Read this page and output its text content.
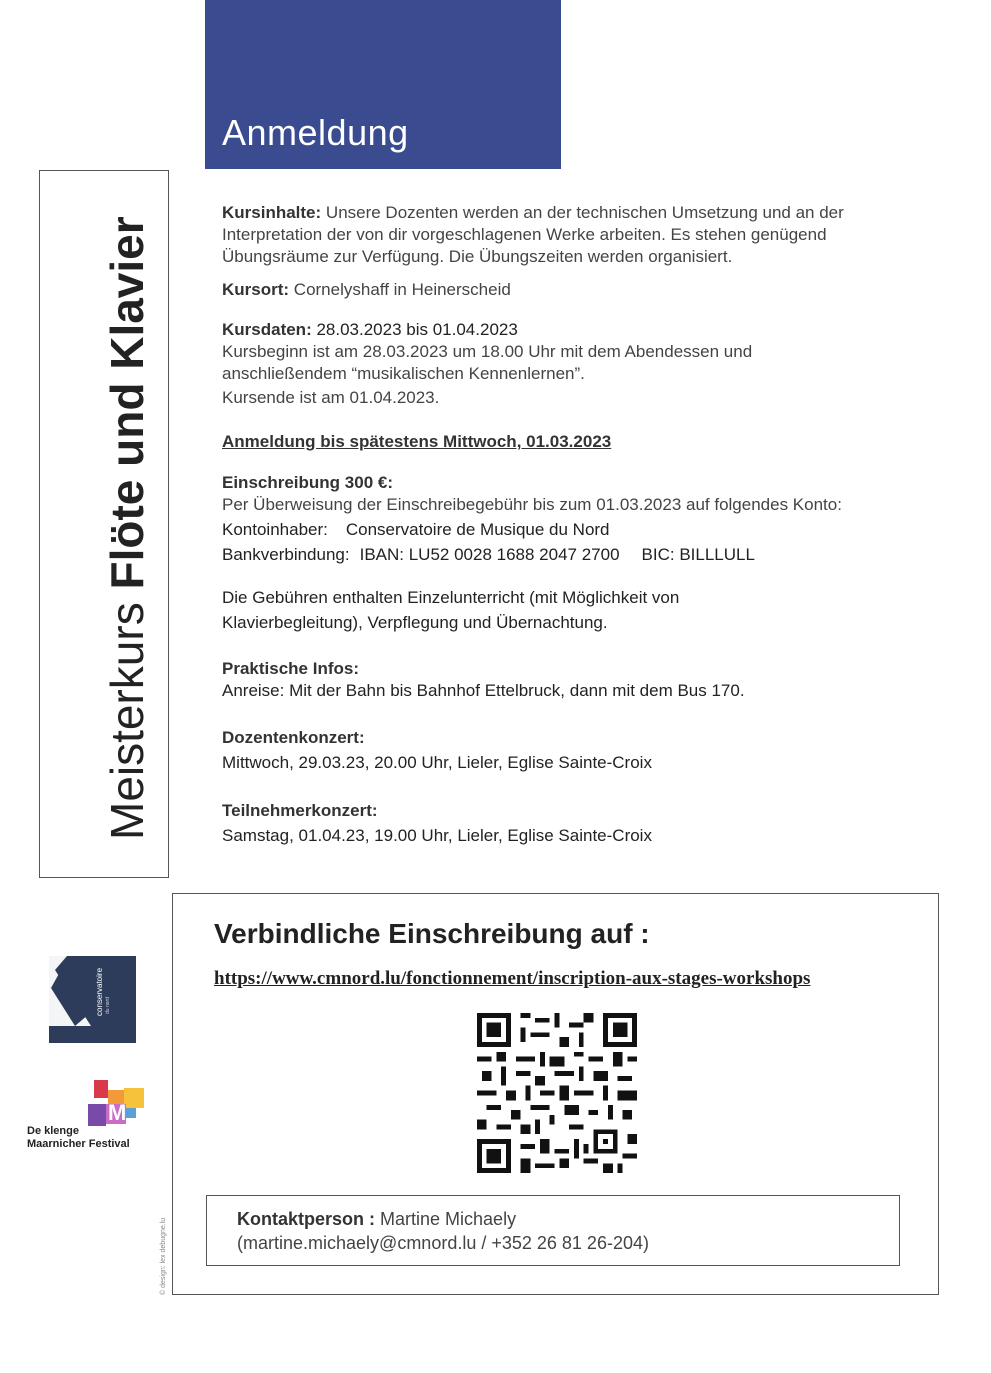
Anmeldung
Meisterkurs Flöte und Klavier

Kursinhalte: Unsere Dozenten werden an der technischen Umsetzung und an der Interpretation der von dir vorgeschlagenen Werke arbeiten. Es stehen genügend Übungsräume zur Verfügung. Die Übungszeiten werden organisiert.

Kursort: Cornelyshaff in Heinerscheid

Kursdaten: 28.03.2023 bis 01.04.2023

Kursbeginn ist am 28.03.2023 um 18.00 Uhr mit dem Abendessen und anschließendem “musikalischen Kennenlernen”.

Kursende ist am 01.04.2023.

Anmeldung bis spätestens Mittwoch, 01.03.2023

Einschreibung 300 €:

Per Überweisung der Einschreibegebühr bis zum 01.03.2023 auf folgendes Konto:

Kontoinhaber: Conservatoire de Musique du Nord

Bankverbindung: IBAN: LU52 0028 1688 2047 2700 BIC: BILLLULL

Die Gebühren enthalten Einzelunterricht (mit Möglichkeit von Klavierbegleitung), Verpflegung und Übernachtung.

Praktische Infos:

Anreise: Mit der Bahn bis Bahnhof Ettelbruck, dann mit dem Bus 170.

Dozentenkonzert:

Mittwoch, 29.03.23, 20.00 Uhr, Lieler, Eglise Sainte-Croix

Teilnehmerkonzert:

Samstag, 01.04.23, 19.00 Uhr, Lieler, Eglise Sainte-Croix

Verbindliche Einschreibung auf :
https://www.cmnord.lu/fonctionnement/inscription-aux-stages-workshops
Kontaktperson : Martine Michaely
(martine.michaely@cmnord.lu / +352 26 81 26-204)
conservatoire du nord
M
De klenge
Maarnicher Festival
© design: lex debugne.lu
